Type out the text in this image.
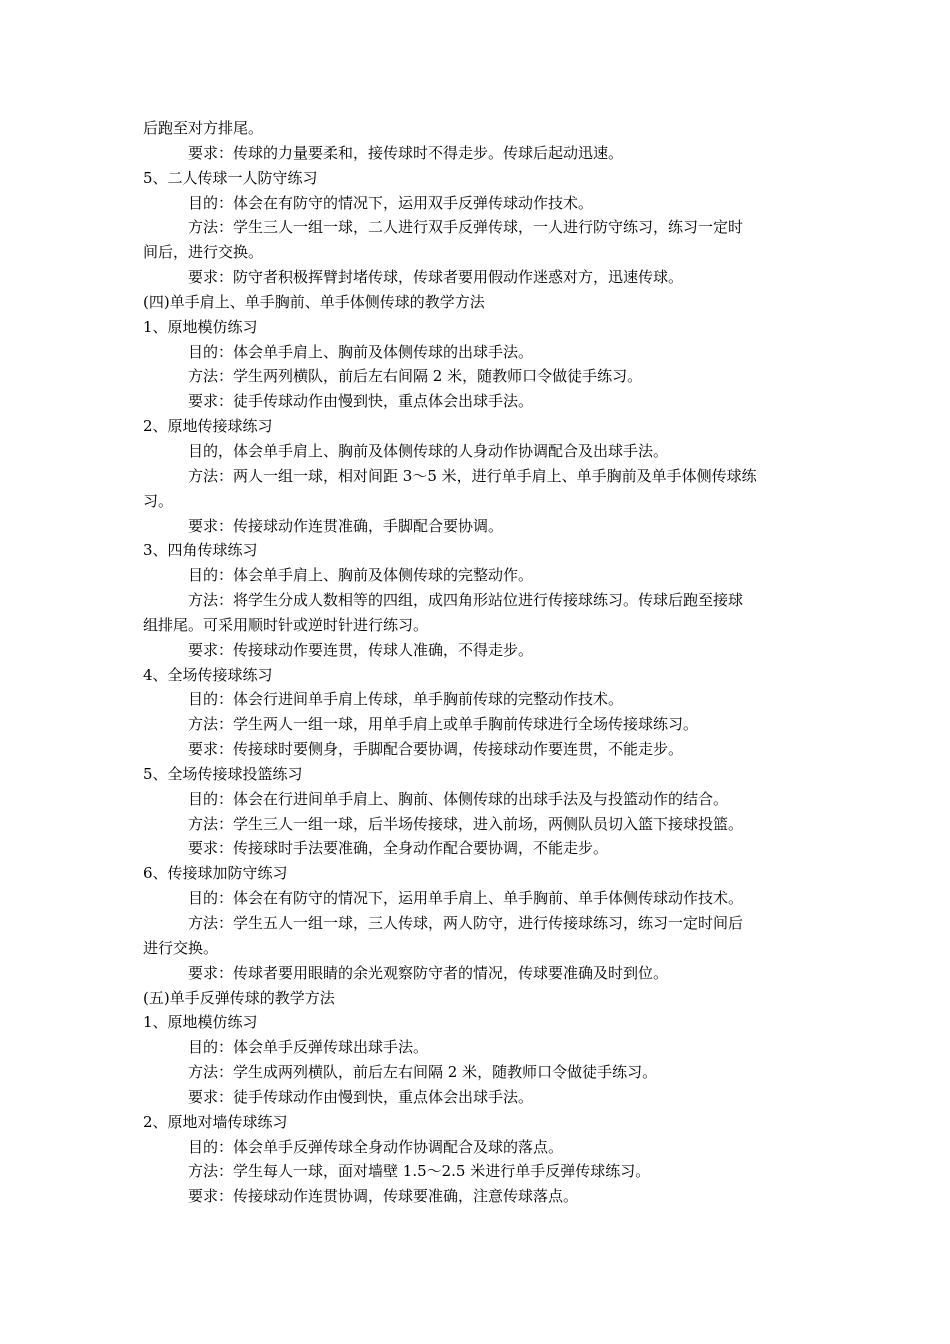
后跑至对方排尾。
要求：传球的力量要柔和，接传球时不得走步。传球后起动迅速。
5、二人传球一人防守练习
目的：体会在有防守的情况下，运用双手反弹传球动作技术。
方法：学生三人一组一球，二人进行双手反弹传球，一人进行防守练习，练习一定时
间后，进行交换。
要求：防守者积极挥臂封堵传球，传球者要用假动作迷惑对方，迅速传球。
(四)单手肩上、单手胸前、单手体侧传球的教学方法
1、原地模仿练习
目的：体会单手肩上、胸前及体侧传球的出球手法。
方法：学生两列横队，前后左右间隔 2 米，随教师口令做徒手练习。
要求：徒手传球动作由慢到快，重点体会出球手法。
2、原地传接球练习
目的，体会单手肩上、胸前及体侧传球的人身动作协调配合及出球手法。
方法：两人一组一球，相对间距 3～5 米，进行单手肩上、单手胸前及单手体侧传球练
习。
要求：传接球动作连贯准确，手脚配合要协调。
3、四角传球练习
目的：体会单手肩上、胸前及体侧传球的完整动作。
方法：将学生分成人数相等的四组，成四角形站位进行传接球练习。传球后跑至接球
组排尾。可采用顺时针或逆时针进行练习。
要求：传接球动作要连贯，传球人准确，不得走步。
4、全场传接球练习
目的：体会行进间单手肩上传球，单手胸前传球的完整动作技术。
方法：学生两人一组一球，用单手肩上或单手胸前传球进行全场传接球练习。
要求：传接球时要侧身，手脚配合要协调，传接球动作要连贯，不能走步。
5、全场传接球投篮练习
目的：体会在行进间单手肩上、胸前、体侧传球的出球手法及与投篮动作的结合。
方法：学生三人一组一球，后半场传接球，进入前场，两侧队员切入篮下接球投篮。
要求：传接球时手法要准确，全身动作配合要协调，不能走步。
6、传接球加防守练习
目的：体会在有防守的情况下，运用单手肩上、单手胸前、单手体侧传球动作技术。
方法：学生五人一组一球，三人传球，两人防守，进行传接球练习，练习一定时间后
进行交换。
要求：传球者要用眼睛的余光观察防守者的情况，传球要准确及时到位。
(五)单手反弹传球的教学方法
1、原地模仿练习
目的：体会单手反弹传球出球手法。
方法：学生成两列横队，前后左右间隔 2 米，随教师口令做徒手练习。
要求：徒手传球动作由慢到快，重点体会出球手法。
2、原地对墙传球练习
目的：体会单手反弹传球全身动作协调配合及球的落点。
方法：学生每人一球，面对墙壁 1.5～2.5 米进行单手反弹传球练习。
要求：传接球动作连贯协调，传球要准确，注意传球落点。
